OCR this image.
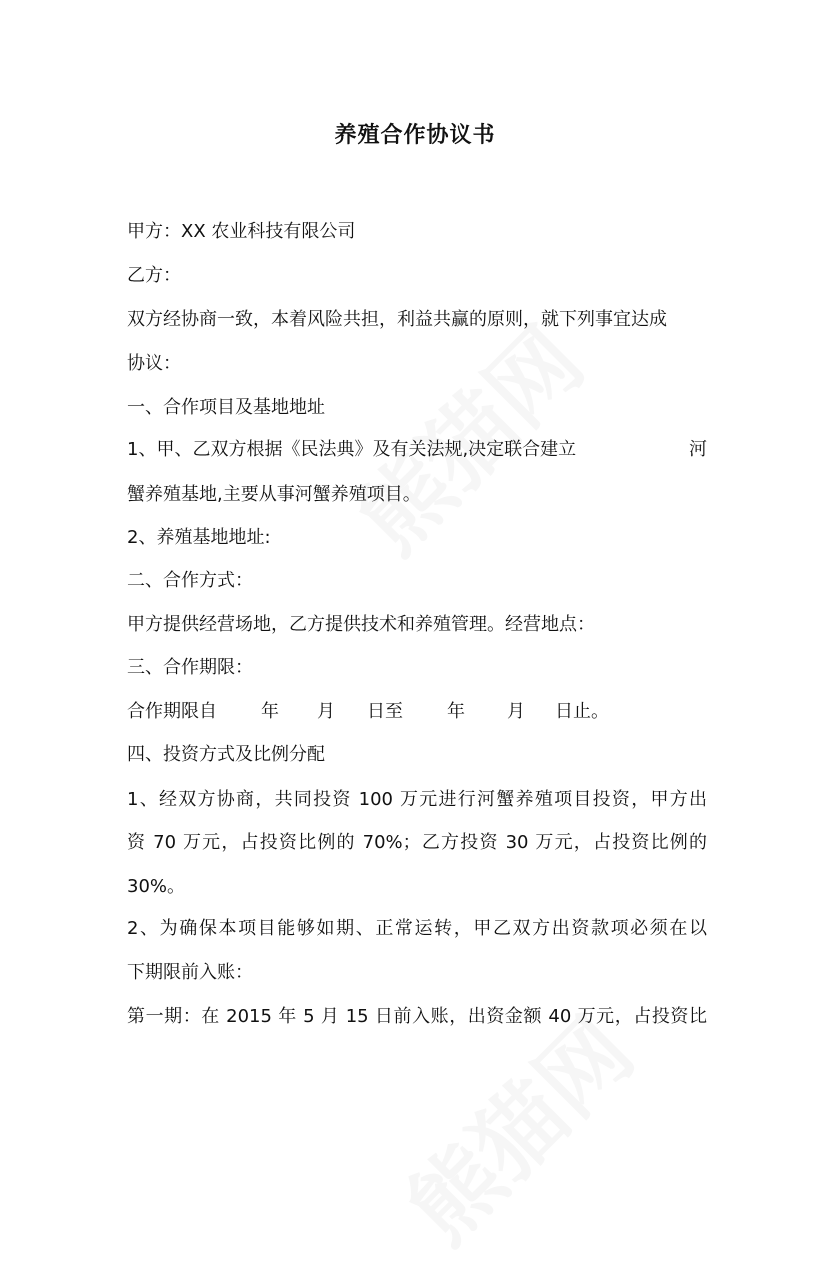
养殖合作协议书
甲方：XX 农业科技有限公司
乙方：
双方经协商一致，本着风险共担，利益共赢的原则，就下列事宜达成
协议：
一、合作项目及基地地址
1、甲、乙双方根据《民法典》及有关法规,决定联合建立	河
蟹养殖基地,主要从事河蟹养殖项目。
2、养殖基地地址:
二、合作方式：
甲方提供经营场地，乙方提供技术和养殖管理。经营地点：
三、合作期限：
合作期限自 年 月 日至 年 月 日止。
四、投资方式及比例分配
1、经双方协商，共同投资 100 万元进行河蟹养殖项目投资，甲方出
资 70 万元，占投资比例的 70%；乙方投资 30 万元，占投资比例的
30%。
2、为确保本项目能够如期、正常运转，甲乙双方出资款项必须在以
下期限前入账：
第一期：在 2015 年 5 月 15 日前入账，出资金额 40 万元，占投资比
